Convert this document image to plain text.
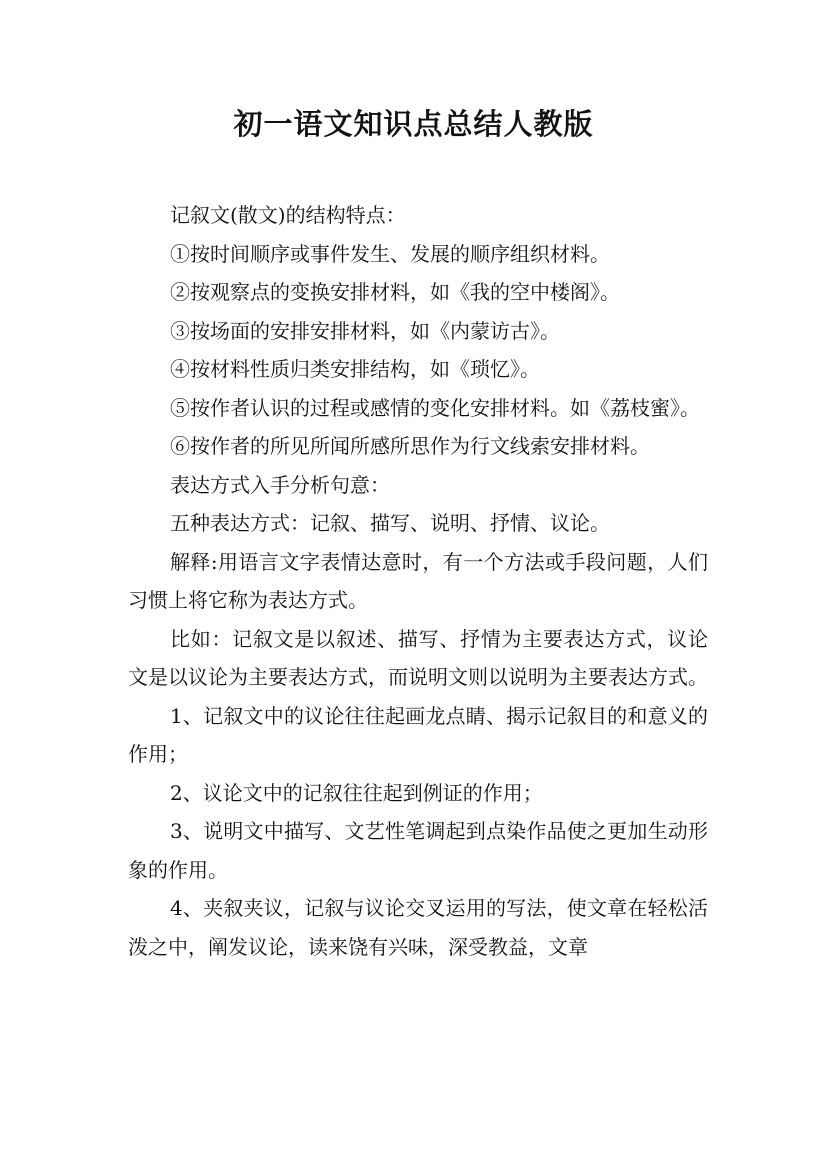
初一语文知识点总结人教版

记叙文(散文)的结构特点：

①按时间顺序或事件发生、发展的顺序组织材料。

②按观察点的变换安排材料，如《我的空中楼阁》。

③按场面的安排安排材料，如《内蒙访古》。

④按材料性质归类安排结构，如《琐忆》。

⑤按作者认识的过程或感情的变化安排材料。如《荔枝蜜》。

⑥按作者的所见所闻所感所思作为行文线索安排材料。

表达方式入手分析句意：

五种表达方式：记叙、描写、说明、抒情、议论。

解释:用语言文字表情达意时，有一个方法或手段问题，人们习惯上将它称为表达方式。

比如：记叙文是以叙述、描写、抒情为主要表达方式，议论文是以议论为主要表达方式，而说明文则以说明为主要表达方式。

1、记叙文中的议论往往起画龙点睛、揭示记叙目的和意义的作用；

2、议论文中的记叙往往起到例证的作用；

3、说明文中描写、文艺性笔调起到点染作品使之更加生动形象的作用。

4、夹叙夹议，记叙与议论交叉运用的写法，使文章在轻松活泼之中，阐发议论，读来饶有兴味，深受教益，文章
